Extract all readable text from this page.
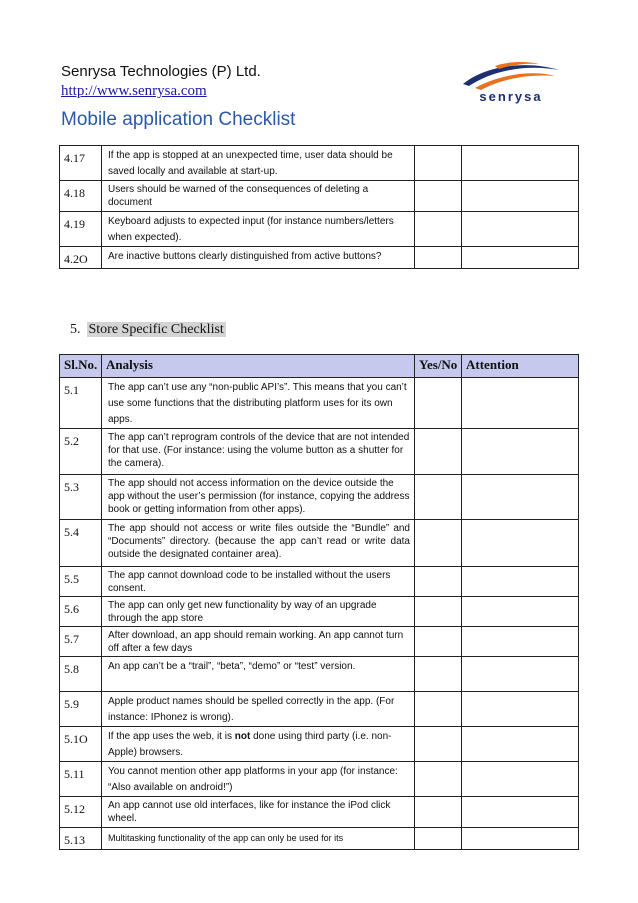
Senrysa Technologies (P) Ltd.
http://www.senrysa.com
Mobile application Checklist
senrysa
4.17	If the app is stopped at an unexpected time, user data should be saved locally and available at start-up.		
4.18	Users should be warned of the consequences of deleting a document		
4.19	Keyboard adjusts to expected input (for instance numbers/letters when expected).		
4.2O	Are inactive buttons clearly distinguished from active buttons?		
5. Store Specific Checklist
Sl.No.	Analysis	Yes/No	Attention
5.1	The app can’t use any “non-public API’s”. This means that you can’t use some functions that the distributing platform uses for its own apps.		
5.2	The app can’t reprogram controls of the device that are not intended for that use. (For instance: using the volume button as a shutter for the camera).		
5.3	The app should not access information on the device outside the app without the user’s permission (for instance, copying the address book or getting information from other apps).		
5.4	The app should not access or write files outside the “Bundle” and “Documents” directory. (because the app can’t read or write data outside the designated container area).		
5.5	The app cannot download code to be installed without the users consent.		
5.6	The app can only get new functionality by way of an upgrade through the app store		
5.7	After download, an app should remain working. An app cannot turn off after a few days		
5.8	An app can’t be a “trail”, “beta”, “demo” or “test” version.		
5.9	Apple product names should be spelled correctly in the app. (For instance: IPhonez is wrong).		
5.1O	If the app uses the web, it is not done using third party (i.e. non-Apple) browsers.		
5.11	You cannot mention other app platforms in your app (for instance: “Also available on android!”)		
5.12	An app cannot use old interfaces, like for instance the iPod click wheel.		
5.13	Multitasking functionality of the app can only be used for its		
